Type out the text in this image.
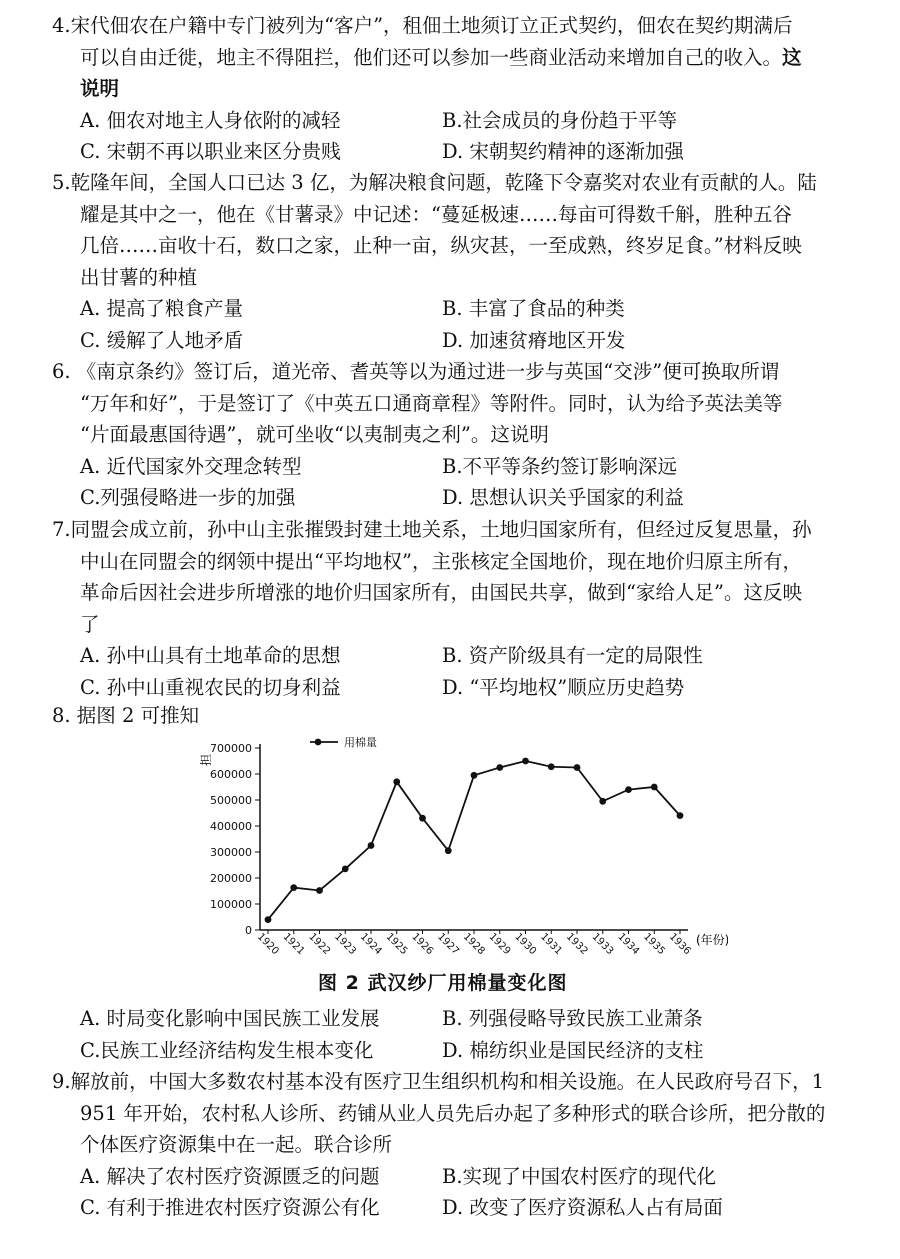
4.宋代佃农在户籍中专门被列为“客户”，租佃土地须订立正式契约，佃农在契约期满后
可以自由迁徙，地主不得阻拦，他们还可以参加一些商业活动来增加自己的收入。这
说明

A. 佃农对地主人身依附的减轻	B.社会成员的身份趋于平等
C. 宋朝不再以职业来区分贵贱	D. 宋朝契约精神的逐渐加强

5.乾隆年间，全国人口已达 3 亿，为解决粮食问题，乾隆下令嘉奖对农业有贡献的人。陆
耀是其中之一，他在《甘薯录》中记述：“蔓延极速……每亩可得数千斛，胜种五谷
几倍……亩收十石，数口之家，止种一亩，纵灾甚，一至成熟，终岁足食。”材料反映
出甘薯的种植

A. 提高了粮食产量	B. 丰富了食品的种类
C. 缓解了人地矛盾	D. 加速贫瘠地区开发

6. 《南京条约》签订后，道光帝、耆英等以为通过进一步与英国“交涉”便可换取所谓
“万年和好”，于是签订了《中英五口通商章程》等附件。同时，认为给予英法美等
“片面最惠国待遇”，就可坐收“以夷制夷之利”。这说明

A. 近代国家外交理念转型	B.不平等条约签订影响深远
C.列强侵略进一步的加强	D. 思想认识关乎国家的利益

7.同盟会成立前，孙中山主张摧毁封建土地关系，土地归国家所有，但经过反复思量，孙
中山在同盟会的纲领中提出“平均地权”，主张核定全国地价，现在地价归原主所有，
革命后因社会进步所增涨的地价归国家所有，由国民共享，做到“家给人足”。这反映
了

A. 孙中山具有土地革命的思想	B. 资产阶级具有一定的局限性
C. 孙中山重视农民的切身利益	D. “平均地权”顺应历史趋势

8. 据图 2 可推知

0
100000
200000
300000
400000
500000
600000
700000
1920 1921 1922 1923 1924 1925 1926 1927 1928 1929 1930 1931 1932 1933 1934 1935 1936
用棉量
担
(年份)
图 2 武汉纱厂用棉量变化图
A. 时局变化影响中国民族工业发展	B. 列强侵略导致民族工业萧条
C.民族工业经济结构发生根本变化	D. 棉纺织业是国民经济的支柱

9.解放前，中国大多数农村基本没有医疗卫生组织机构和相关设施。在人民政府号召下，1
951 年开始，农村私人诊所、药铺从业人员先后办起了多种形式的联合诊所，把分散的
个体医疗资源集中在一起。联合诊所

A. 解决了农村医疗资源匮乏的问题	B.实现了中国农村医疗的现代化
C. 有利于推进农村医疗资源公有化	D. 改变了医疗资源私人占有局面
